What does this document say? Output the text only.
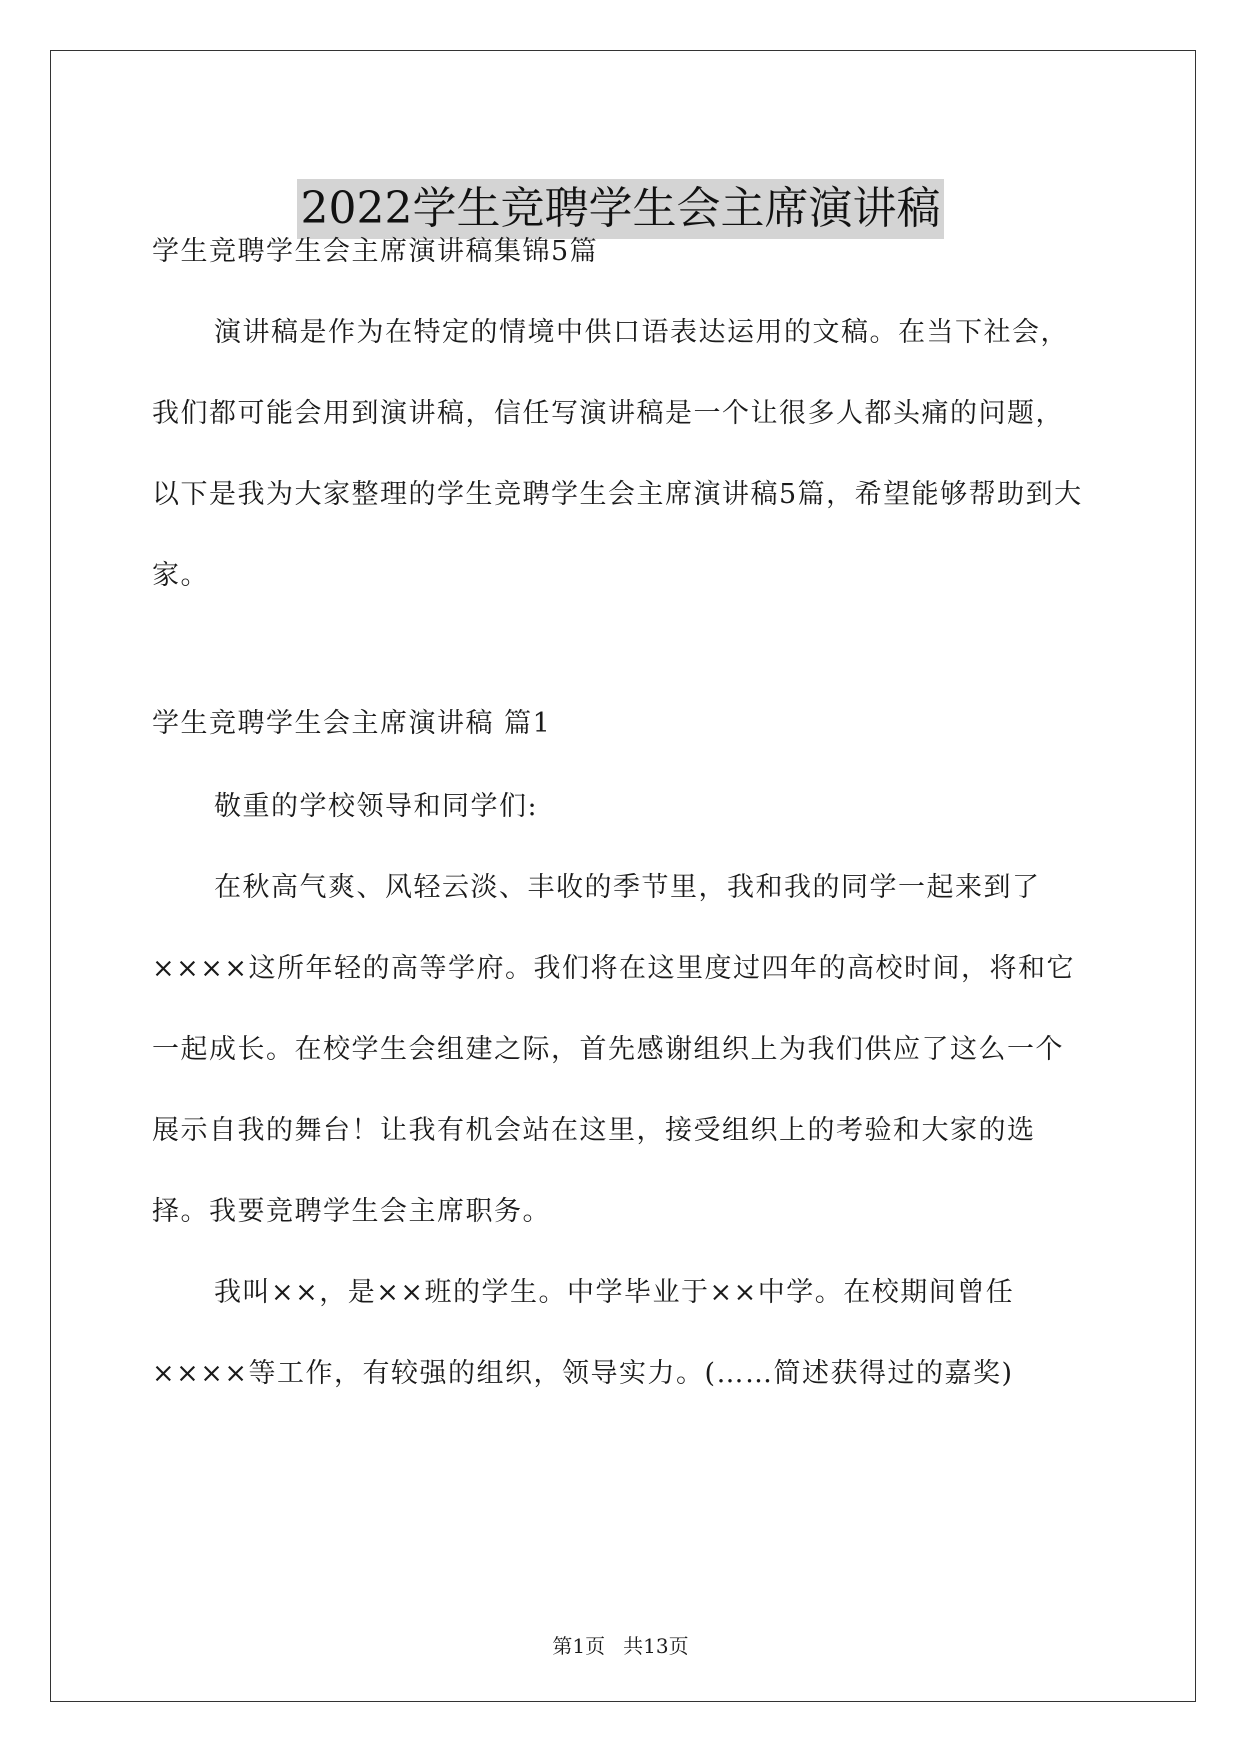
2022学生竞聘学生会主席演讲稿

学生竞聘学生会主席演讲稿集锦5篇

演讲稿是作为在特定的情境中供口语表达运用的文稿。在当下社会，我们都可能会用到演讲稿，信任写演讲稿是一个让很多人都头痛的问题，以下是我为大家整理的学生竞聘学生会主席演讲稿5篇，希望能够帮助到大家。

学生竞聘学生会主席演讲稿 篇1

敬重的学校领导和同学们:

在秋高气爽、风轻云淡、丰收的季节里，我和我的同学一起来到了××××这所年轻的高等学府。我们将在这里度过四年的高校时间，将和它一起成长。在校学生会组建之际，首先感谢组织上为我们供应了这么一个展示自我的舞台！让我有机会站在这里，接受组织上的考验和大家的选择。我要竞聘学生会主席职务。

我叫××，是××班的学生。中学毕业于××中学。在校期间曾任××××等工作，有较强的组织，领导实力。(……简述获得过的嘉奖)

第1页 共13页
